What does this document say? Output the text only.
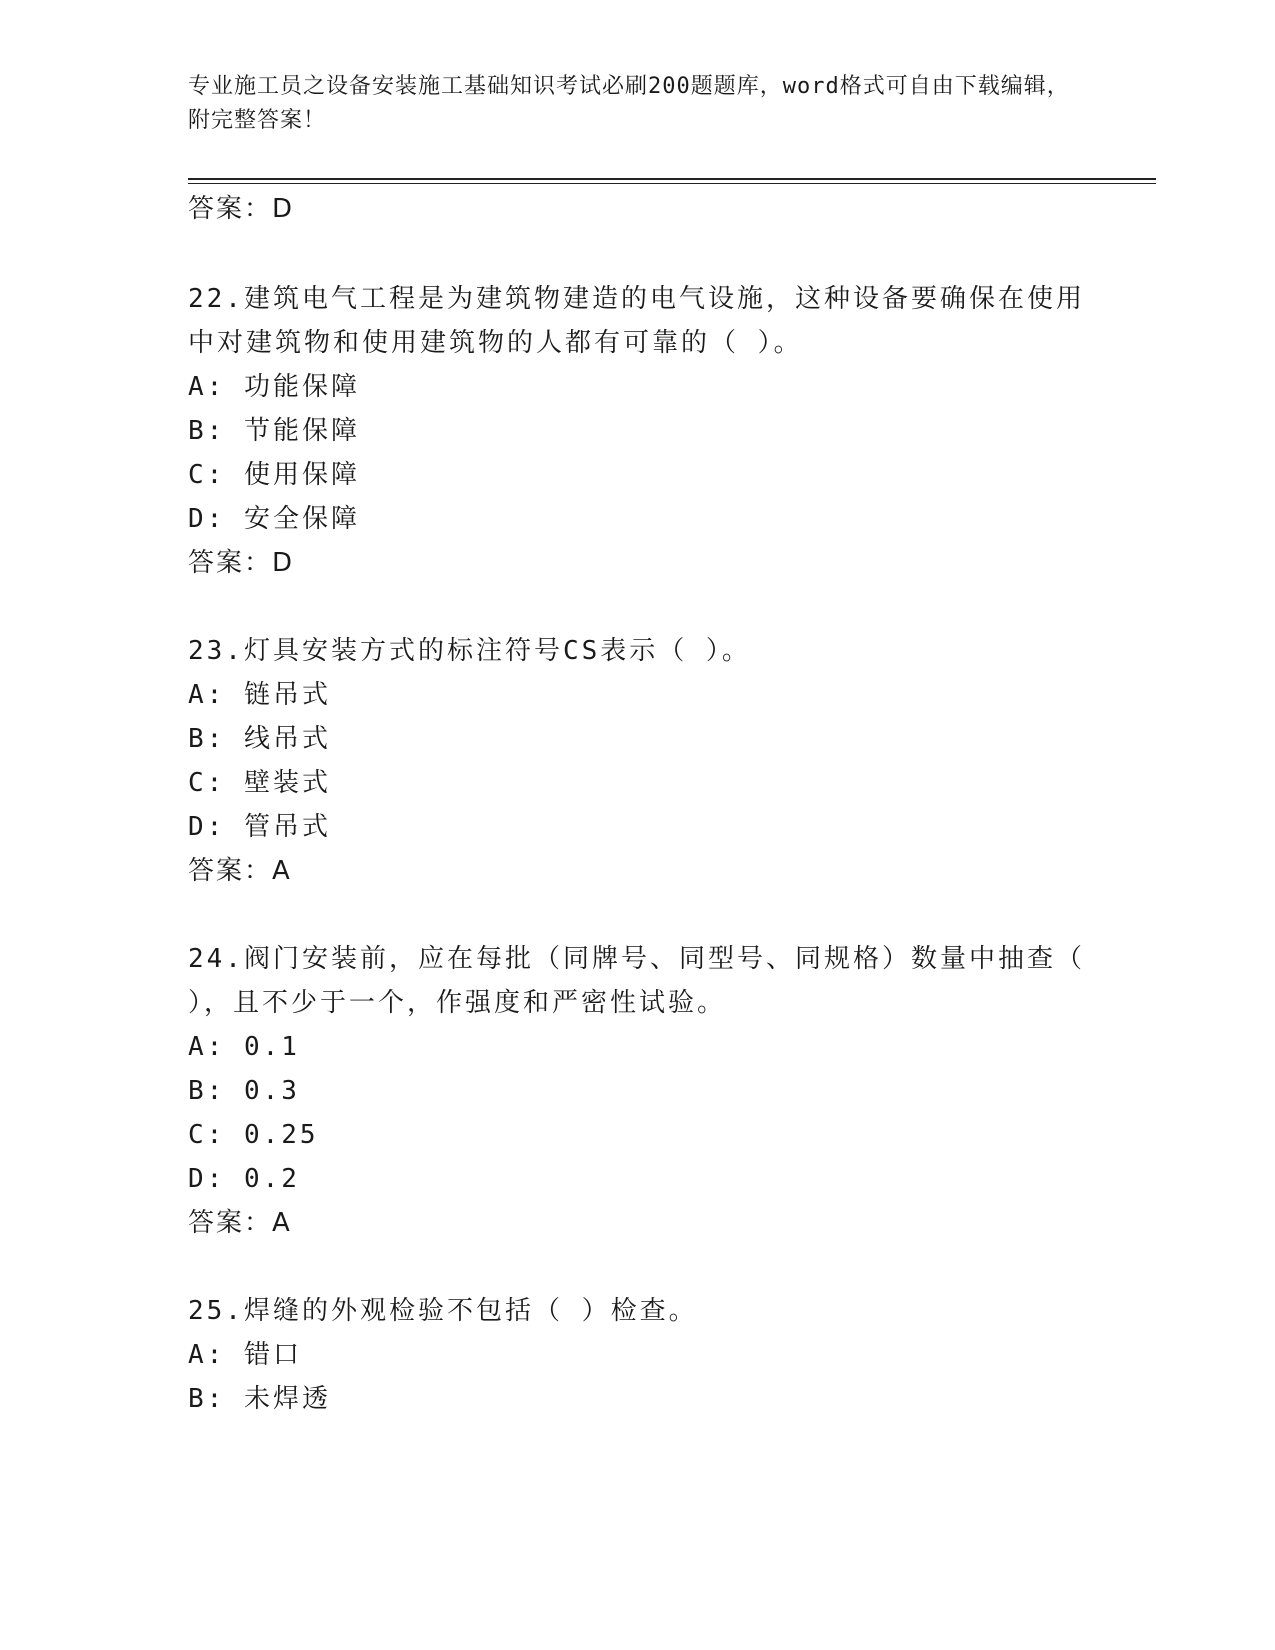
专业施工员之设备安装施工基础知识考试必刷200题题库，word格式可自由下载编辑，附完整答案！
答案：D
22.建筑电气工程是为建筑物建造的电气设施，这种设备要确保在使用
中对建筑物和使用建筑物的人都有可靠的（ ）。
A: 功能保障
B: 节能保障
C: 使用保障
D: 安全保障
答案：D
23.灯具安装方式的标注符号CS表示（ ）。
A: 链吊式
B: 线吊式
C: 壁装式
D: 管吊式
答案：A
24.阀门安装前，应在每批（同牌号、同型号、同规格）数量中抽查（
），且不少于一个，作强度和严密性试验。
A: 0.1
B: 0.3
C: 0.25
D: 0.2
答案：A
25.焊缝的外观检验不包括（ ）检查。
A: 错口
B: 未焊透
